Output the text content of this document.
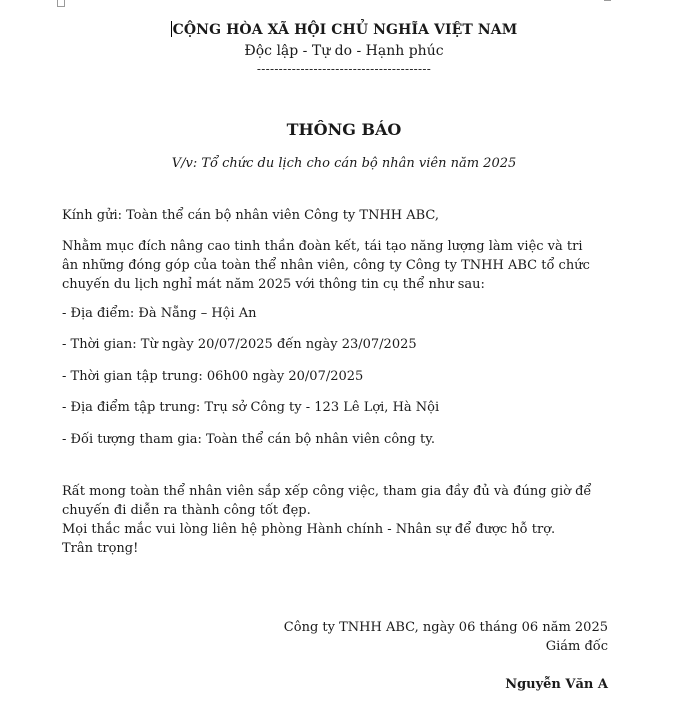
CỘNG HÒA XÃ HỘI CHỦ NGHĨA VIỆT NAM
Độc lập - Tự do - Hạnh phúc
----------------------------------------
THÔNG BÁO
V/v: Tổ chức du lịch cho cán bộ nhân viên năm 2025
Kính gửi: Toàn thể cán bộ nhân viên Công ty TNHH ABC,
Nhằm mục đích nâng cao tinh thần đoàn kết, tái tạo năng lượng làm việc và tri ân những đóng góp của toàn thể nhân viên, công ty Công ty TNHH ABC tổ chức chuyến du lịch nghỉ mát năm 2025 với thông tin cụ thể như sau:
- Địa điểm: Đà Nẵng – Hội An
- Thời gian: Từ ngày 20/07/2025 đến ngày 23/07/2025
- Thời gian tập trung: 06h00 ngày 20/07/2025
- Địa điểm tập trung: Trụ sở Công ty - 123 Lê Lợi, Hà Nội
- Đối tượng tham gia: Toàn thể cán bộ nhân viên công ty.
Rất mong toàn thể nhân viên sắp xếp công việc, tham gia đầy đủ và đúng giờ để chuyến đi diễn ra thành công tốt đẹp.
Mọi thắc mắc vui lòng liên hệ phòng Hành chính - Nhân sự để được hỗ trợ.
Trân trọng!
Công ty TNHH ABC, ngày 06 tháng 06 năm 2025
Giám đốc
Nguyễn Văn A
